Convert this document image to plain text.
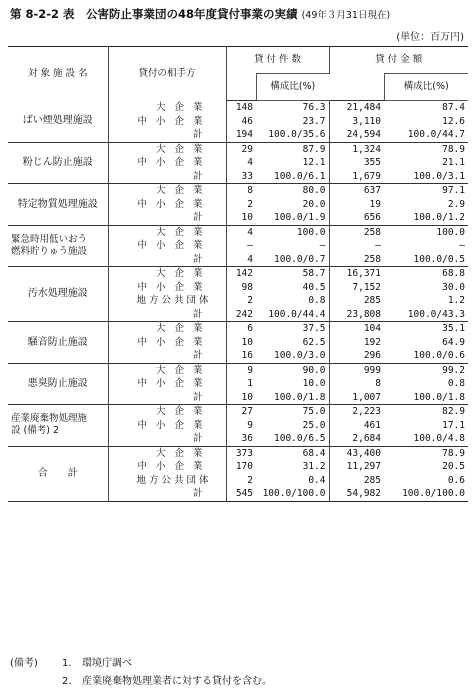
第 8-2-2 表　公害防止事業団の48年度貸付事業の実績 (49年３月31日現在)
(単位：百万円)
対 象 施 設 名	貸付の相手方	貸 付 件 数		貸 付 金 額	
			構成比(%)		構成比(%)
ばい煙処理施設	大企業	148	76.3	21,484	87.4
	中小企業	46	23.7	3,110	12.6
	計	194	100.0/35.6	24,594	100.0/44.7
粉じん防止施設	大企業	29	87.9	1,324	78.9
	中小企業	4	12.1	355	21.1
	計	33	100.0/6.1	1,679	100.0/3.1
特定物質処理施設	大企業	8	80.0	637	97.1
	中小企業	2	20.0	19	2.9
	計	10	100.0/1.9	656	100.0/1.2

緊急時用低いおう
燃料貯りゅう施設	大企業	4	100.0	258	100.0
	中小企業	―	―	―	―
	計	4	100.0/0.7	258	100.0/0.5
汚水処理施設	大企業	142	58.7	16,371	68.8
	中小企業	98	40.5	7,152	30.0
	地方公共団体	2	0.8	285	1.2
	計	242	100.0/44.4	23,808	100.0/43.3
騒音防止施設	大企業	6	37.5	104	35.1
	中小企業	10	62.5	192	64.9
	計	16	100.0/3.0	296	100.0/0.6
悪臭防止施設	大企業	9	90.0	999	99.2
	中小企業	1	10.0	8	0.8
	計	10	100.0/1.8	1,007	100.0/1.8

産業廃棄物処理施
設 (備考) 2	大企業	27	75.0	2,223	82.9
	中小企業	9	25.0	461	17.1
	計	36	100.0/6.5	2,684	100.0/4.8
合　　計	大企業	373	68.4	43,400	78.9
	中小企業	170	31.2	11,297	20.5
	地方公共団体	2	0.4	285	0.6
	計	545	100.0/100.0	54,982	100.0/100.0
(備考) 1. 環境庁調べ
2. 産業廃棄物処理業者に対する貸付を含む。
